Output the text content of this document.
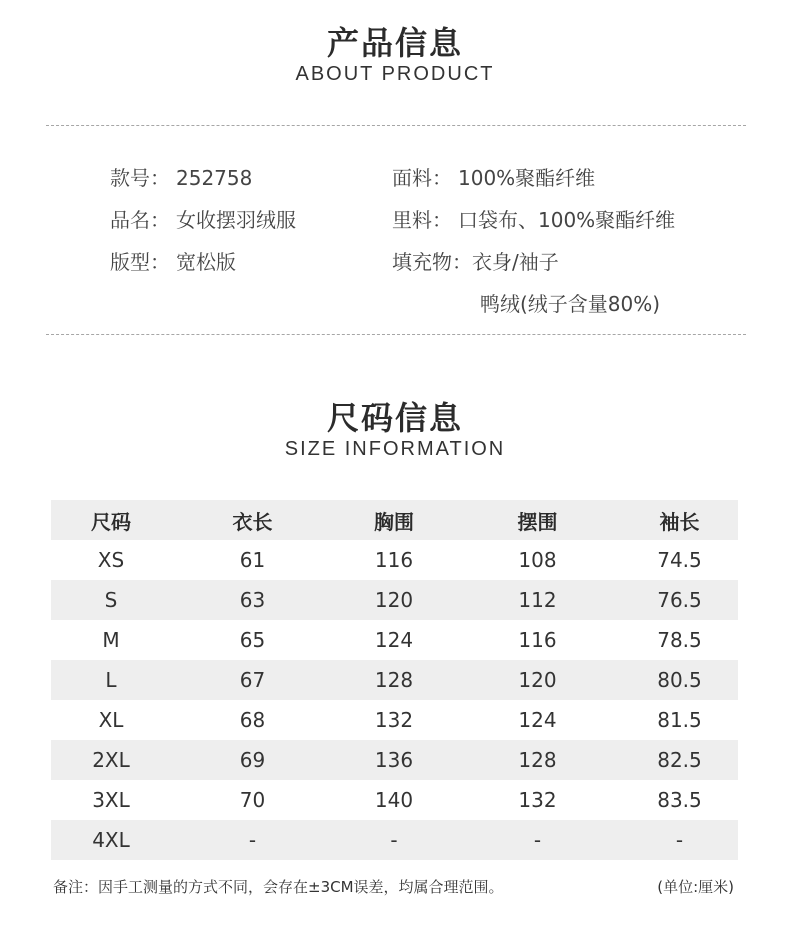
产品信息
ABOUT PRODUCT
款号： 252758
品名： 女收摆羽绒服
版型： 宽松版
面料： 100%聚酯纤维
里料： 口袋布、100%聚酯纤维
填充物：衣身/袖子
鸭绒(绒子含量80%)
尺码信息
SIZE INFORMATION
尺码	衣长	胸围	摆围	袖长
XS	61	116	108	74.5
S	63	120	112	76.5
M	65	124	116	78.5
L	67	128	120	80.5
XL	68	132	124	81.5
2XL	69	136	128	82.5
3XL	70	140	132	83.5
4XL	-	-	-	-
备注：因手工测量的方式不同，会存在±3CM误差，均属合理范围。	(单位:厘米)
